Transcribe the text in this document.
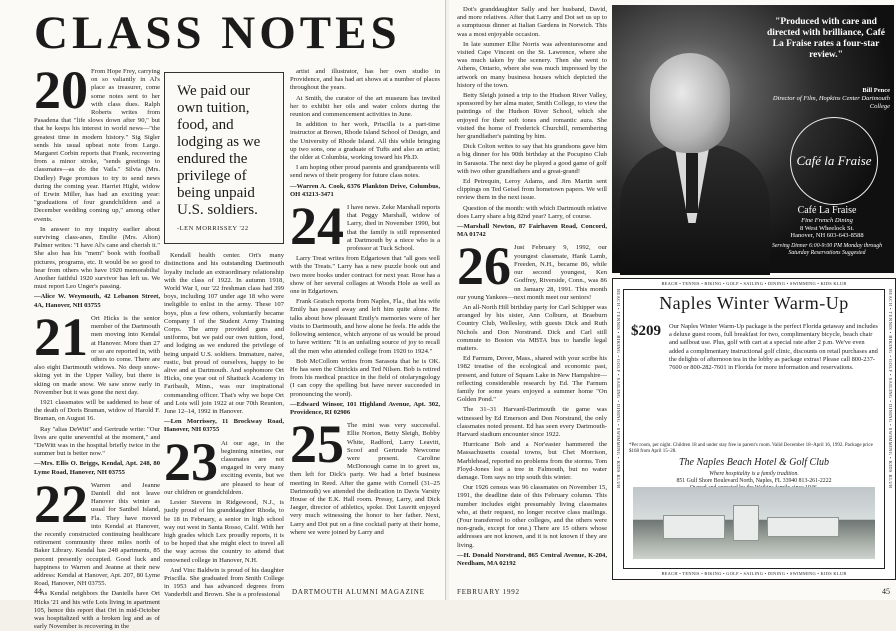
CLASS NOTES

20 From Hope Frey, carrying on so valiantly in Al's place as treasurer, come some notes sent to her with class dues. Ralph Roberts writes from Pasadena that "life slows down after 90," but that he keeps his interest in world news—"the greatest time in modern history." Sig Sigler sends his usual upbeat note from Largo. Margaret Corbin reports that Frank, recovering from a minor stroke, "sends greetings to classmates—as do the Vails." Silvia (Mrs. Dudley) Page promises to try to send news during the coming year. Harriet Hight, widow of Erwin Miller, has had an exciting year: "graduations of four grandchildren and a December wedding coming up," among other events.

In answer to my inquiry earlier about surviving class-anes, Emilie (Mrs. Alton) Palmer writes: "I have Al's cane and cherish it." She also has his "mem" book with football pictures, programs, etc. It would be so good to hear from others who have 1920 memorabilia! Another faithful 1920 survivor has left us. We must report Leo Unger's passing.

—Alice W. Weymouth, 42 Lebanon Street, 4A, Hanover, NH 03755

21 Ort Hicks is the senior member of the Dartmouth men moving into Kendal at Hanover. More than 27 or so are reported in, with others to come. There are also eight Dartmouth widows. No deep snow-skiing yet in the Upper Valley, but there is skiing on made snow. We saw snow early in November but it was gone the next day.

1921 classmates will be saddened to hear of the death of Doris Braman, widow of Harold F. Braman, on August 16.

Ray "alias DeWitt" and Gertrude write: "Our lives are quite uneventful at the moment," and "DeWitt was in the hospital briefly twice in the summer but is better now."

—Mrs. Ellis O. Briggs, Kendal, Apt. 248, 80 Lyme Road, Hanover, NH 03755

22 Warren and Jeanne Daniell did not leave Hanover this winter as usual for Sanibel Island, Fla. They have moved into Kendal at Hanover, the recently constructed continuing healthcare retirement community three miles north of Baker Library. Kendal has 248 apartments, 85 percent presently occupied. Good luck and happiness to Warren and Jeanne at their new address: Kendal at Hanover, Apt. 207, 80 Lyme Road, Hanover, NH 03755.

As Kendal neighbors the Daniells have Ort Hicks '21 and his wife Lois living in apartment 105, hence this report that Ort in mid-October was hospitalized with a broken leg and as of early November is recovering in the

We paid our own tuition, food, and lodging as we endured the privilege of being unpaid U.S. soldiers.
-LEN MORRISSEY '22

Kendall health center. Ort's many distinctions and his outstanding Dartmouth loyalty include an extraordinary relationship with the class of 1922. In autumn 1918, World War I, our '22 freshman class had 399 boys, including 107 under age 18 who were ineligible to enlist in the army. These 107 boys, plus a few others, voluntarily became Company I of the Student Army Training Corps. The army provided guns and uniforms, but we paid our own tuition, food, and lodging as we endured the privilege of being unpaid U.S. soldiers. Immature, naive, rustic, but proud of ourselves, happy to be alive and at Dartmouth. And sophomore Ort Hicks, one year out of Shattuck Academy in Faribault, Minn., was our inspirational commanding officer. That's why we hope Ort and Lois will join 1922 at our 70th Reunion, June 12–14, 1992 in Hanover.

—Len Morrissey, 11 Brockway Road, Hanover, NH 03755

23 At our age, in the beginning nineties, our classmates are not engaged in very many exciting events, but we are pleased to hear of our children or grandchildren.

Lester Stevens in Ridgewood, N.J., is justly proud of his granddaughter Rhoda, to be 18 in February, a senior in high school way out west in Santa Rosso, Calif. With her high grades which Lex proudly reports, it is to be hoped that she might elect to travel all the way across the country to attend that renowned college in Hanover, N.H.

And Vinc Baldwin is proud of his daughter Priscilla. She graduated from Smith College in 1953 and has advanced degrees from Vanderbilt and Brown. She is a professional

artist and illustrator, has her own studio in Providence, and has had art shows at a number of places throughout the years.

At Smith, the curator of the art museum has invited her to exhibit her oils and water colors during the reunion and commencement activities in June.

In addition to her work, Priscilla is a part-time instructor at Brown, Rhode Island School of Design, and the University of Rhode Island. All this while bringing up two sons, one a graduate of Tufts and also an artist; the older at Columbia, working toward his Ph.D.

I am hoping other proud parents and grandparents will send news of their progeny for future class notes.

—Warren A. Cook, 6376 Plankton Drive, Columbus, OH 43213-3471

24 I have news. Zeke Marshall reports that Peggy Marshall, widow of Larry, died in November 1990, but that the family is still represented at Dartmouth by a niece who is a professor at Tuck School.

Larry Treat writes from Edgartown that "all goes well with the Treats." Larry has a new puzzle book out and two more books under contract for next year. Rose has a show of her several collages at Woods Hole as well as one in Edgartown.

Frank Gratsch reports from Naples, Fla., that his wife Emily has passed away and left him quite alone. He talks about how pleasant Emily's memories were of her visits to Dartmouth, and how alone he feels. He adds the following sentence, which anyone of us would be proud to have written: "It is an unfailing source of joy to recall all the men who attended college from 1920 to 1924."

Bob McCollom writes from Sarasota that he is OK. He has seen the Chirickis and Ted Nilsen. Bob is retired from his medical practice in the field of otolaryngology (I can copy the spelling but have never succeeded in pronouncing the word).

—Edward Winsor, 101 Highland Avenue, Apt. 302, Providence, RI 02906

25 The mini was very successful. Ellie Norton, Betty Sleigh, Bobby White, Radford, Larry Leavitt, Scoof and Gertrude Newcome were present. Caroline McDonough came in to greet us, then left for Dick's party. We had a brief business meeting in Reed. After the game with Cornell (31–25 Dartmouth) we attended the dedication in Davis Varsity House of the E.K. Hall room. Pressy, Larry, and Dick Jaeger, director of athletics, spoke. Dot Leavitt enjoyed very much witnessing the honor to her father. Next, Larry and Dot put on a fine cocktail party at their home, where we were joined by Larry and

44	DARTMOUTH ALUMNI MAGAZINE

Dot's granddaughter Sally and her husband, David, and more relatives. After that Larry and Dot set us up to a sumptuous dinner at Italian Gardens in Norwich. This was a most enjoyable occasion.

In late summer Ellie Norris was adventuresome and visited Cape Vincent on the St. Lawrence, where she was much taken by the scenery. Then she went to Athens, Ontario, where she was much impressed by the artwork on many business houses which depicted the history of the town.

Betty Sleigh joined a trip to the Hudson River Valley, sponsored by her alma mater, Smith College, to view the paintings of the Hudson River School, which she enjoyed for their soft tones and romantic aura. She visited the home of Frederick Churchill, remembering her grandfather's painting by him.

Dick Colton writes to say that his grandsons gave him a big dinner for his 90th birthday at the Pocupino Club in Sarasota. The next day he played a good game of golf with two other grandfathers and a great-grand!

Ed Petrequin, Leroy Adams, and Jim Martin sent clippings on Ted Geisel from hometown papers. We will review them in the next issue.

Question of the month: with which Dartmouth relative does Larry share a big 82nd year? Larry, of course.

—Marshall Newton, 87 Fairhaven Road, Concord, MA 01742

26 Just February 9, 1992, our youngest classmate, Hank Lamb, Freeden, N.H., became 86, while our second youngest, Ken Godfrey, Riverside, Conn., was 86 on January 28, 1991. This month our young Yankees—next month meet our seniors!

An all-North Hill birthday party for Carl Schipper was arranged by his sister, Ann Colburn, at Braeburn Country Club, Wellesley, with guests Dick and Ruth Nichols and Don Norstrand. Dick and Carl still commute to Boston via MBTA bus to handle legal matters.

Ed Farnum, Dover, Mass., shared with your scribe his 1982 treatise of the ecological and economic past, present, and future of Squam Lake in New Hampshire—reflecting considerable research by Ed. The Farnum family for some years enjoyed a summer home "On Golden Pond."

The 31–31 Harvard-Dartmouth tie game was witnessed by Ed Emerson and Don Norstrand, the only classmates noted present. Ed has seen every Dartmouth-Harvard stadium encounter since 1922.

Hurricane Bob and a Nor'easter hammered the Massachusetts coastal towns, but Chet Morrison, Marblehead, reported no problems from the storms. Tom Floyd-Jones lost a tree in Falmouth, but no water damage. Tom says no trip south this winter.

Our 1926 census was 96 classmates on November 15, 1991, the deadline date of this February column. This number includes eight presumably living classmates who, at their request, no longer receive class mailings. (Four transferred to other colleges, and the others were non-grads, except for one.) There are 15 others whose addresses are not known, and it is not known if they are living.

—H. Donald Norstrand, 865 Central Avenue, K-204, Needham, MA 02192

45
FEBRUARY 1992
"Produced with care and directed with brilliance, Café La Fraise rates a four-star review."
Bill Pence
Director of Film, Hopkins Center Dartmouth College
Café la Fraise
Café La Fraise
Fine French Dining
8 West Wheelock St.
Hanover, NH 603-643-8588
Serving Dinner 6:00-9:00 PM Monday through Saturday Reservations Suggested
BEACH • TENNIS • BIKING • GOLF • SAILING • DINING • SWIMMING • KIDS KLUB
BEACH • TENNIS • BIKING • GOLF • SAILING • DINING • SWIMMING • KIDS KLUB
BEACH • TENNIS • BIKING • GOLF • SAILING • DINING • SWIMMING • KIDS KLUB	BEACH • TENNIS • BIKING • GOLF • SAILING • DINING • SWIMMING • KIDS KLUB
Naples Winter Warm-Up
$209 Our Naples Winter Warm-Up package is the perfect Florida getaway and includes a deluxe guest room, full breakfast for two, complimentary bicycle, beach chair and sailboat use. Plus, golf with cart at a special rate after 2 p.m. We've even added a complimentary instructional golf clinic, discounts on retail purchases and the delights of afternoon tea in the lobby as package extras! Please call 800-237-7600 or 800-282-7601 in Florida for more information and reservations.
*Per room, per night. Children 18 and under stay free in parent's room. Valid December 18–April 16, 1992. Package price $168 from April 15–28.
The Naples Beach Hotel & Golf Club
Where hospitality is a family tradition.
851 Gulf Shore Boulevard North, Naples, FL 33940 813-261-2222
